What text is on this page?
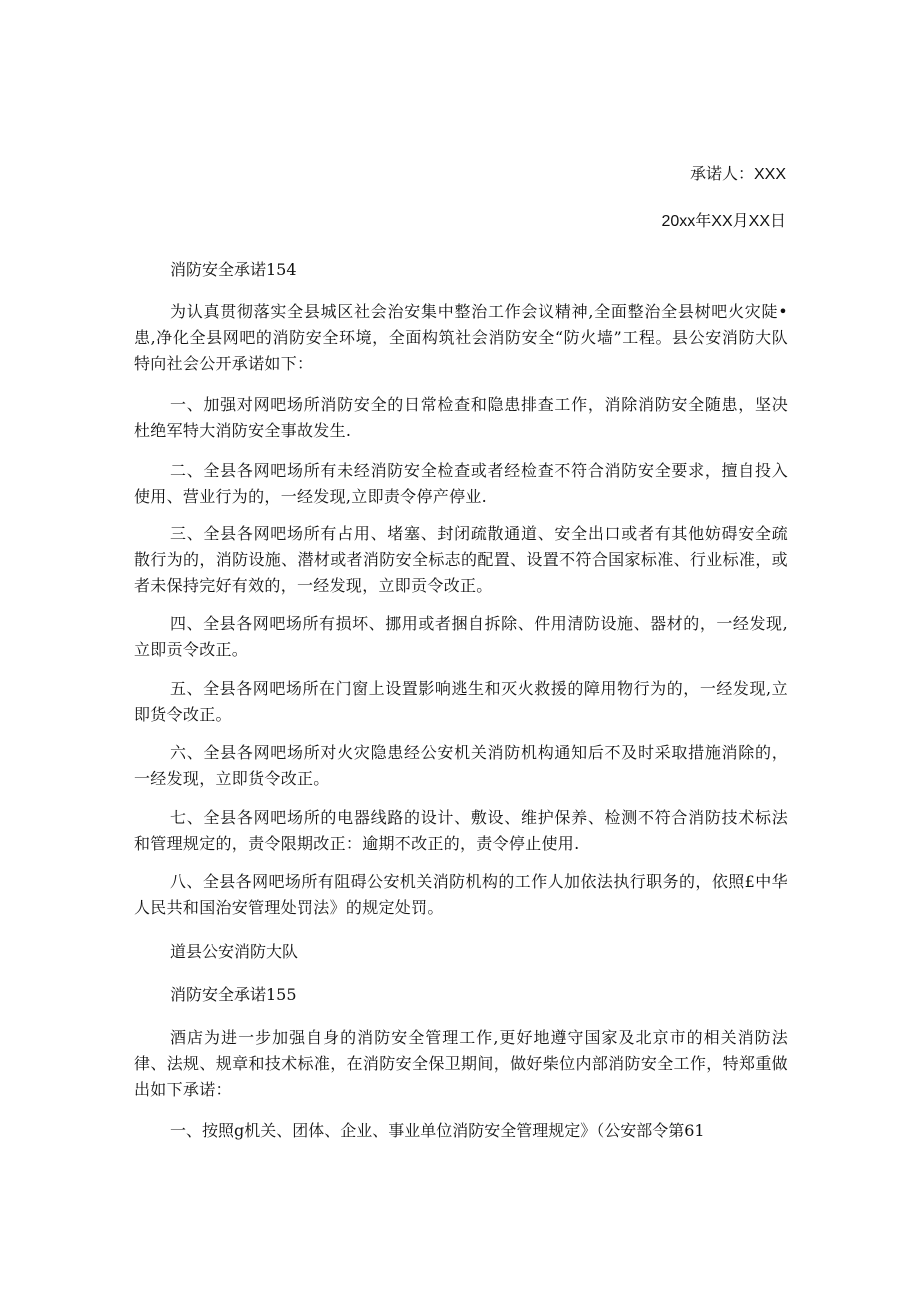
承诺人：XXX
20xx年XX月XX日
消防安全承诺154
为认真贯彻落实全县城区社会治安集中整治工作会议精神,全面整治全县树吧火灾陡•患,净化全县网吧的消防安全环境，全面构筑社会消防安全“防火墙”工程。县公安消防大队特向社会公开承诺如下：
一、加强对网吧场所消防安全的日常检查和隐患排查工作，消除消防安全随患，坚决杜绝军特大消防安全事故发生.
二、全县各网吧场所有未经消防安全检查或者经检查不符合消防安全要求，擅自投入使用、营业行为的，一经发现,立即责令停产停业.
三、全县各网吧场所有占用、堵塞、封闭疏散通道、安全出口或者有其他妨碍安全疏散行为的，消防设施、潜材或者消防安全标志的配置、设置不符合国家标准、行业标准，或者未保持完好有效的，一经发现，立即贡令改正。
四、全县各网吧场所有损坏、挪用或者捆自拆除、件用清防设施、器材的，一经发现,立即贡令改正。
五、全县各网吧场所在门窗上设置影响逃生和灭火救援的障用物行为的，一经发现,立即货令改正。
六、全县各网吧场所对火灾隐患经公安机关消防机构通知后不及时采取措施消除的，一经发现，立即货令改正。
七、全县各网吧场所的电器线路的设计、敷设、维护保养、检测不符合消防技术标法和管理规定的，责令限期改正：逾期不改正的，责令停止使用.
八、全县各网吧场所有阻碍公安机关消防机构的工作人加依法执行职务的，依照£中华人民共和国治安管理处罚法》的规定处罚。
道县公安消防大队
消防安全承诺155
酒店为进一步加强自身的消防安全管理工作,更好地遵守国家及北京市的相关消防法律、法规、规章和技术标准，在消防安全保卫期间，做好柴位内部消防安全工作，特郑重做出如下承诺：
一、按照g机关、团体、企业、事业单位消防安全管理规定》（公安部令第61
